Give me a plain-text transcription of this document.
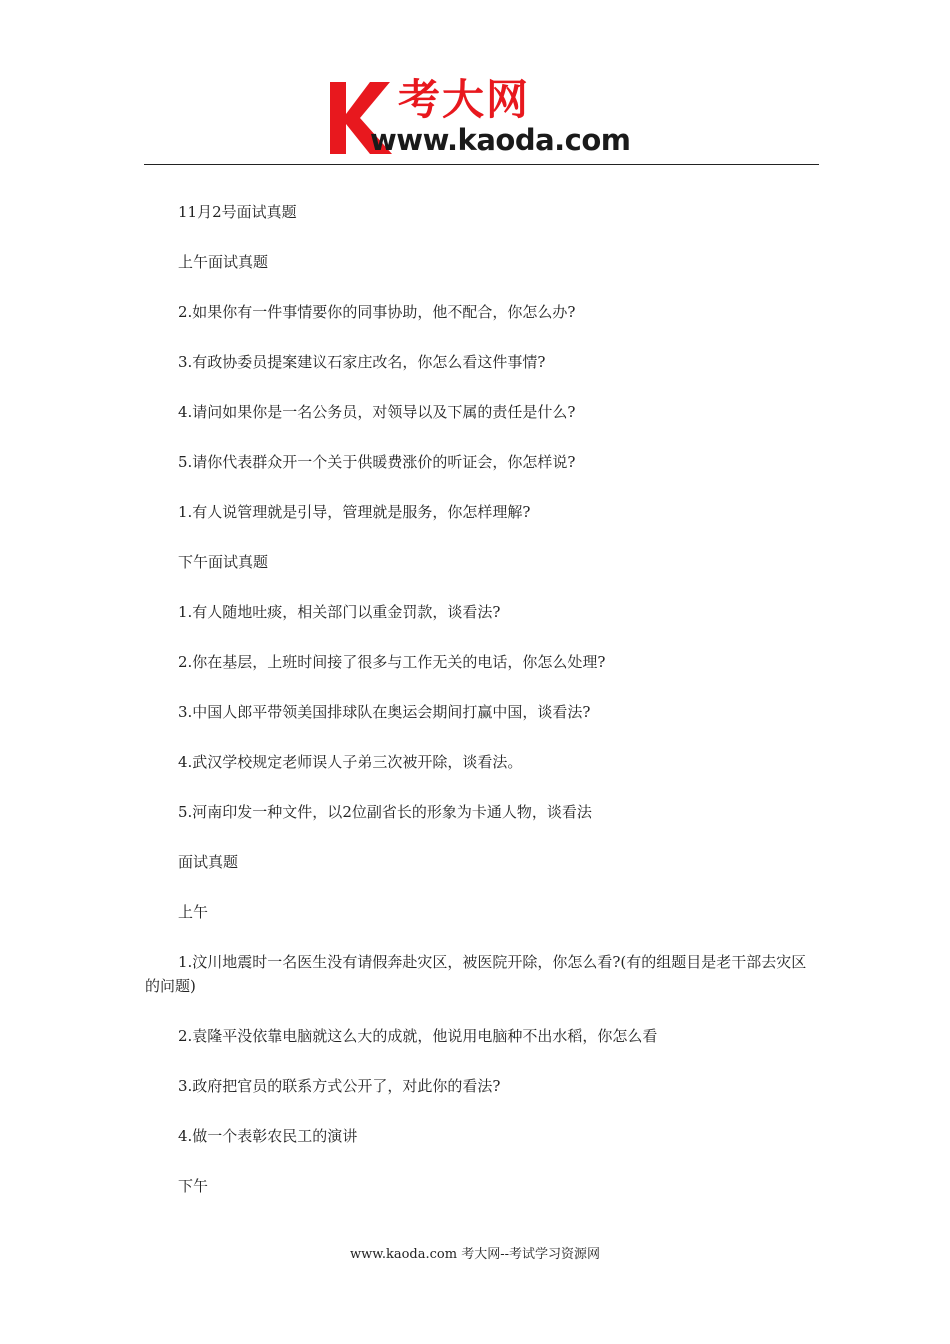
考大网
www.kaoda.com

11月2号面试真题

上午面试真题

2.如果你有一件事情要你的同事协助，他不配合，你怎么办?

3.有政协委员提案建议石家庄改名，你怎么看这件事情?

4.请问如果你是一名公务员，对领导以及下属的责任是什么?

5.请你代表群众开一个关于供暖费涨价的听证会，你怎样说?

1.有人说管理就是引导，管理就是服务，你怎样理解?

下午面试真题

1.有人随地吐痰，相关部门以重金罚款，谈看法?

2.你在基层，上班时间接了很多与工作无关的电话，你怎么处理?

3.中国人郎平带领美国排球队在奥运会期间打赢中国，谈看法?

4.武汉学校规定老师误人子弟三次被开除，谈看法。

5.河南印发一种文件，以2位副省长的形象为卡通人物，谈看法

面试真题

上午

1.汶川地震时一名医生没有请假奔赴灾区，被医院开除，你怎么看?(有的组题目是老干部去灾区的问题)

2.袁隆平没依靠电脑就这么大的成就，他说用电脑种不出水稻，你怎么看

3.政府把官员的联系方式公开了，对此你的看法?

4.做一个表彰农民工的演讲

下午

www.kaoda.com 考大网--考试学习资源网
